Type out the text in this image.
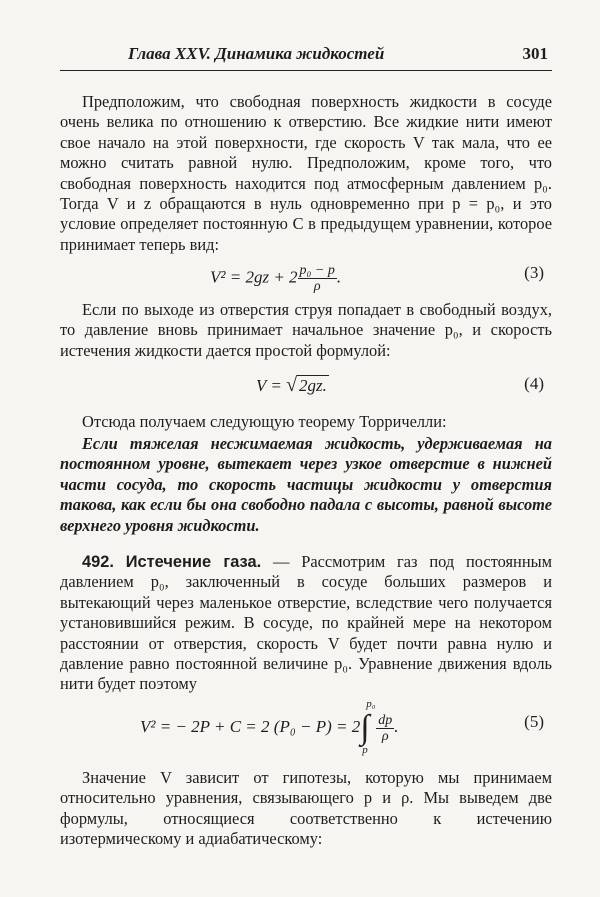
Глава XXV. Динамика жидкостей	301

Предположим, что свободная поверхность жидкости в сосуде очень велика по отношению к отверстию. Все жидкие нити имеют свое начало на этой поверхности, где скорость V так мала, что ее можно считать равной нулю. Предположим, кроме того, что свободная поверхность находится под атмосферным давлением p₀. Тогда V и z обращаются в нуль одновременно при p = p₀, и это условие определяет постоянную C в предыдущем уравнении, которое принимает теперь вид:

$V^2 = 2gz + 2 \frac{\text{p₀ − p}}{\rho}$ .	(3)

Если по выходе из отверстия струя попадает в свободный воздух, то давление вновь принимает начальное значение p₀, и скорость истечения жидкости дается простой формулой:

V = √ 2gz.	(4)

Отсюда получаем следующую теорему Торричелли:

Если тяжелая несжимаемая жидкость, удерживаемая на постоянном уровне, вытекает через узкое отверстие в нижней части сосуда, то скорость частицы жидкости у отверстия такова, как если бы она свободно падала с высоты, равной высоте верхнего уровня жидкости.

492. Истечение газа. — Рассмотрим газ под постоянным давлением p₀, заключенный в сосуде больших размеров и вытекающий через маленькое отверстие, вследствие чего получается установившийся режим. В сосуде, по крайней мере на некотором расстоянии от отверстия, скорость V будет почти равна нулю и давление равно постоянной величине p₀. Уравнение движения вдоль нити будет поэтому

V² = − 2P + C = 2 (P₀ − P) = 2∫
p₀
p
$\frac{dp}{\rho}$ .	(5)

Значение V зависит от гипотезы, которую мы принимаем относительно уравнения, связывающего p и ρ. Мы выведем две формулы, относящиеся соответственно к истечению изотермическому и адиабатическому:
